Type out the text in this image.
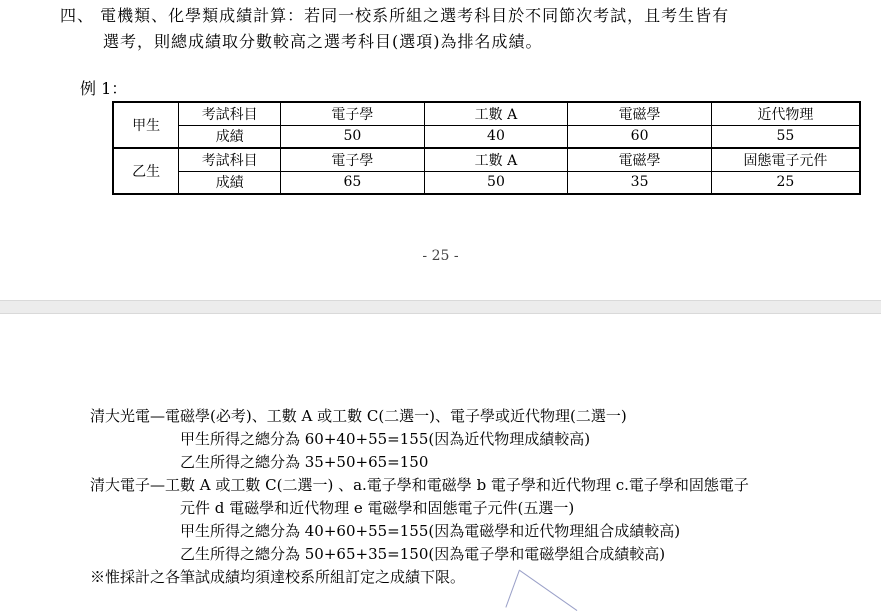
四、 電機類、化學類成績計算：若同一校系所組之選考科目於不同節次考試，且考生皆有
選考，則總成績取分數較高之選考科目(選項)為排名成績。
例 1：
甲生	考試科目	電子學	工數 A	電磁學	近代物理
	成績	50	40	60	55
乙生	考試科目	電子學	工數 A	電磁學	固態電子元件
	成績	65	50	35	25
- 25 -
清大光電—電磁學(必考)、工數 A 或工數 C(二選一)、電子學或近代物理(二選一)
甲生所得之總分為 60+40+55=155(因為近代物理成績較高)
乙生所得之總分為 35+50+65=150
清大電子—工數 A 或工數 C(二選一) 、a.電子學和電磁學 b 電子學和近代物理 c.電子學和固態電子
元件 d 電磁學和近代物理 e 電磁學和固態電子元件(五選一)
甲生所得之總分為 40+60+55=155(因為電磁學和近代物理組合成績較高)
乙生所得之總分為 50+65+35=150(因為電子學和電磁學組合成績較高)
※惟採計之各筆試成績均須達校系所組訂定之成績下限。
